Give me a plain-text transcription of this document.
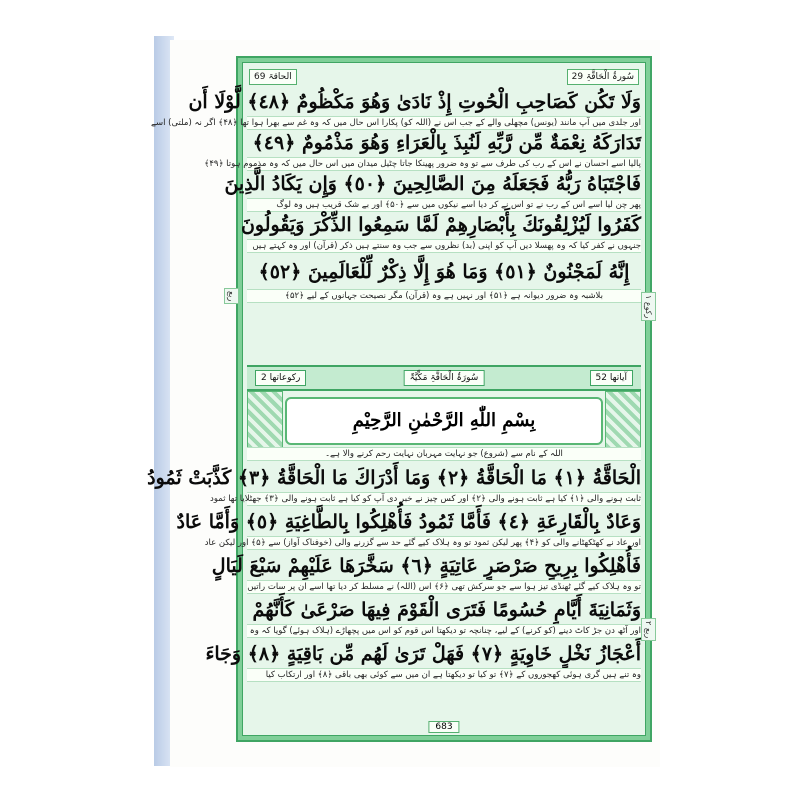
الحاقۃ 69	سُورۃُ الْحَاقَّۃِ 29
وَلَا تَكُن كَصَاحِبِ الْحُوتِ إِذْ نَادَىٰ وَهُوَ مَكْظُومٌ ﴿٤٨﴾ لَّوْلَا أَن
اور جلدی میں آپ مانند (یونس) مچھلی والے کے جب اس نے (اللہ کو) پکارا اس حال میں کہ وہ غم سے بھرا ہوا تھا ﴿۴۸﴾ اگر نہ (ملتی) اسے
تَدَارَكَهُ نِعْمَةٌ مِّن رَّبِّهِ لَنُبِذَ بِالْعَرَاءِ وَهُوَ مَذْمُومٌ ﴿٤٩﴾
پالیا اسے احسان نے اس کے رب کی طرف سے تو وہ ضرور پھینکا جاتا چٹیل میدان میں اس حال میں کہ وہ مذموم ہوتا ﴿۴۹﴾
فَاجْتَبَاهُ رَبُّهُ فَجَعَلَهُ مِنَ الصَّالِحِينَ ﴿٥٠﴾ وَإِن يَكَادُ الَّذِينَ
پھر چن لیا اسے اس کے رب نے تو اس نے کر دیا اسے نیکوں میں سے ﴿۵۰﴾ اور بے شک قریب ہیں وہ لوگ
كَفَرُوا لَيُزْلِقُونَكَ بِأَبْصَارِهِمْ لَمَّا سَمِعُوا الذِّكْرَ وَيَقُولُونَ
جنہوں نے کفر کیا کہ وہ پھسلا دیں آپ کو اپنی (بد) نظروں سے جب وہ سنتے ہیں ذکر (قرآن) اور وہ کہتے ہیں
إِنَّهُ لَمَجْنُونٌ ﴿٥١﴾ وَمَا هُوَ إِلَّا ذِكْرٌ لِّلْعَالَمِينَ ﴿٥٢﴾
بلاشبہ وہ ضرور دیوانہ ہے ﴿۵۱﴾ اور نہیں ہے وہ (قرآن) مگر نصیحت جہانوں کے لیے ﴿۵۲﴾
رکوعاتھا 2	سُورَۃُ الْحَاقَّۃِ مَکِّیَّۃٌ	آیاتھا 52
بِسْمِ اللّٰهِ الرَّحْمٰنِ الرَّحِيْمِ
اللہ کے نام سے (شروع) جو نہایت مہربان نہایت رحم کرنے والا ہے۔
الْحَاقَّةُ ﴿١﴾ مَا الْحَاقَّةُ ﴿٢﴾ وَمَا أَدْرَاكَ مَا الْحَاقَّةُ ﴿٣﴾ كَذَّبَتْ ثَمُودُ
ثابت ہونے والی ﴿۱﴾ کیا ہے ثابت ہونے والی ﴿۲﴾ اور کس چیز نے خبر دی آپ کو کیا ہے ثابت ہونے والی ﴿۳﴾ جھٹلایا تھا ثمود
وَعَادٌ بِالْقَارِعَةِ ﴿٤﴾ فَأَمَّا ثَمُودُ فَأُهْلِكُوا بِالطَّاغِيَةِ ﴿٥﴾ وَأَمَّا عَادٌ
اور عاد نے کھٹکھٹانے والی کو ﴿۴﴾ پھر لیکن ثمود تو وہ ہلاک کیے گئے حد سے گزرنے والی (خوفناک آواز) سے ﴿۵﴾ اور لیکن عاد
فَأُهْلِكُوا بِرِيحٍ صَرْصَرٍ عَاتِيَةٍ ﴿٦﴾ سَخَّرَهَا عَلَيْهِمْ سَبْعَ لَيَالٍ
تو وہ ہلاک کیے گئے ٹھنڈی تیز ہوا سے جو سرکش تھی ﴿۶﴾ اس (اللہ) نے مسلط کر دیا تھا اسے ان پر سات راتیں
وَثَمَانِيَةَ أَيَّامٍ حُسُومًا فَتَرَى الْقَوْمَ فِيهَا صَرْعَىٰ كَأَنَّهُمْ
اور آٹھ دن جڑ کاٹ دینے (کو کرنے) کے لیے، چنانچہ تو دیکھتا اس قوم کو اس میں پچھاڑے (ہلاک ہوئے) گویا کہ وہ
أَعْجَازُ نَخْلٍ خَاوِيَةٍ ﴿٧﴾ فَهَلْ تَرَىٰ لَهُم مِّن بَاقِيَةٍ ﴿٨﴾ وَجَاءَ
وہ تنے ہیں گری ہوئی کھجوروں کے ﴿۷﴾ تو کیا تو دیکھتا ہے ان میں سے کوئی بھی باقی ﴿۸﴾ اور ارتکاب کیا
683
ربع	رکوع ۱
ربع ۲
